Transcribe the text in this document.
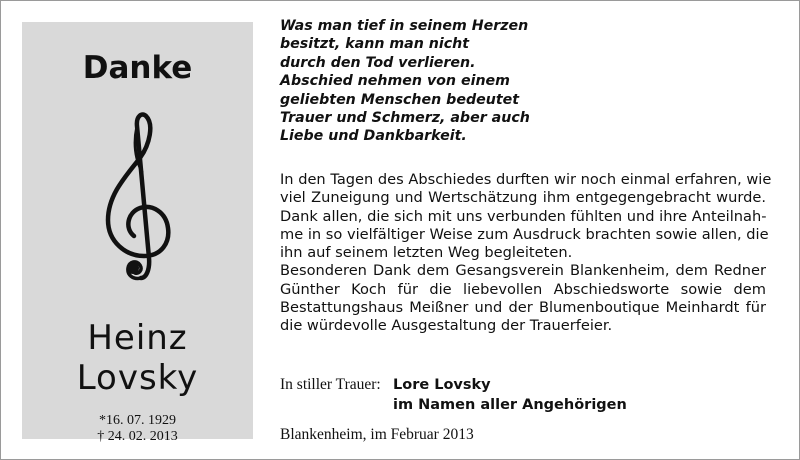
Danke
Heinz
Lovsky
*16. 07. 1929
† 24. 02. 2013
Was man tief in seinem Herzen
besitzt, kann man nicht
durch den Tod verlieren.
Abschied nehmen von einem
geliebten Menschen bedeutet
Trauer und Schmerz, aber auch
Liebe und Dankbarkeit.
In den Tagen des Abschiedes durften wir noch einmal erfahren, wie
viel Zuneigung und Wertschätzung ihm entgegengebracht wurde.
Dank allen, die sich mit uns verbunden fühlten und ihre Anteilnah-
me in so vielfältiger Weise zum Ausdruck brachten sowie allen, die
ihn auf seinem letzten Weg begleiteten.
Besonderen Dank dem Gesangsverein Blankenheim, dem Redner
Günther Koch für die liebevollen Abschiedsworte sowie dem
Bestattungshaus Meißner und der Blumenboutique Meinhardt für
die würdevolle Ausgestaltung der Trauerfeier.
In stiller Trauer: Lore Lovsky
im Namen aller Angehörigen
Blankenheim, im Februar 2013
